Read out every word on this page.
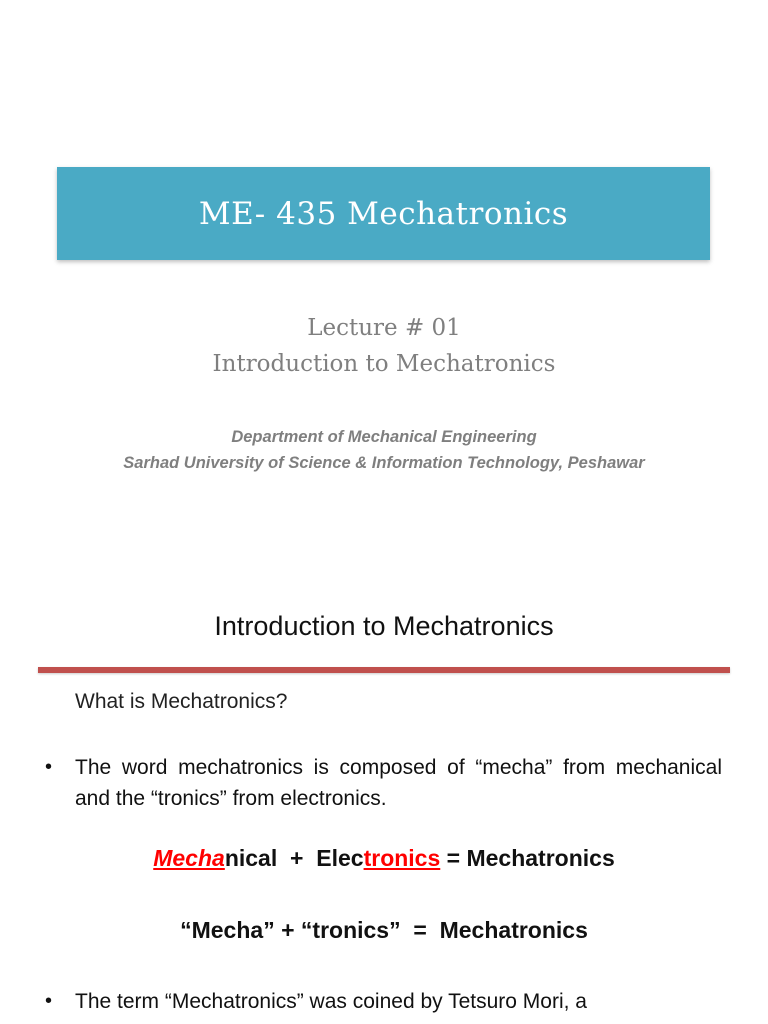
ME- 435 Mechatronics
Lecture # 01
Introduction to Mechatronics
Department of Mechanical Engineering
Sarhad University of Science & Information Technology, Peshawar
Introduction to Mechatronics
What is Mechatronics?
•	The word mechatronics is composed of “mecha” from mechanical and the “tronics” from electronics.
Mechanical + Electronics = Mechatronics
“Mecha” + “tronics” = Mechatronics
•	The term “Mechatronics” was coined by Tetsuro Mori, a
